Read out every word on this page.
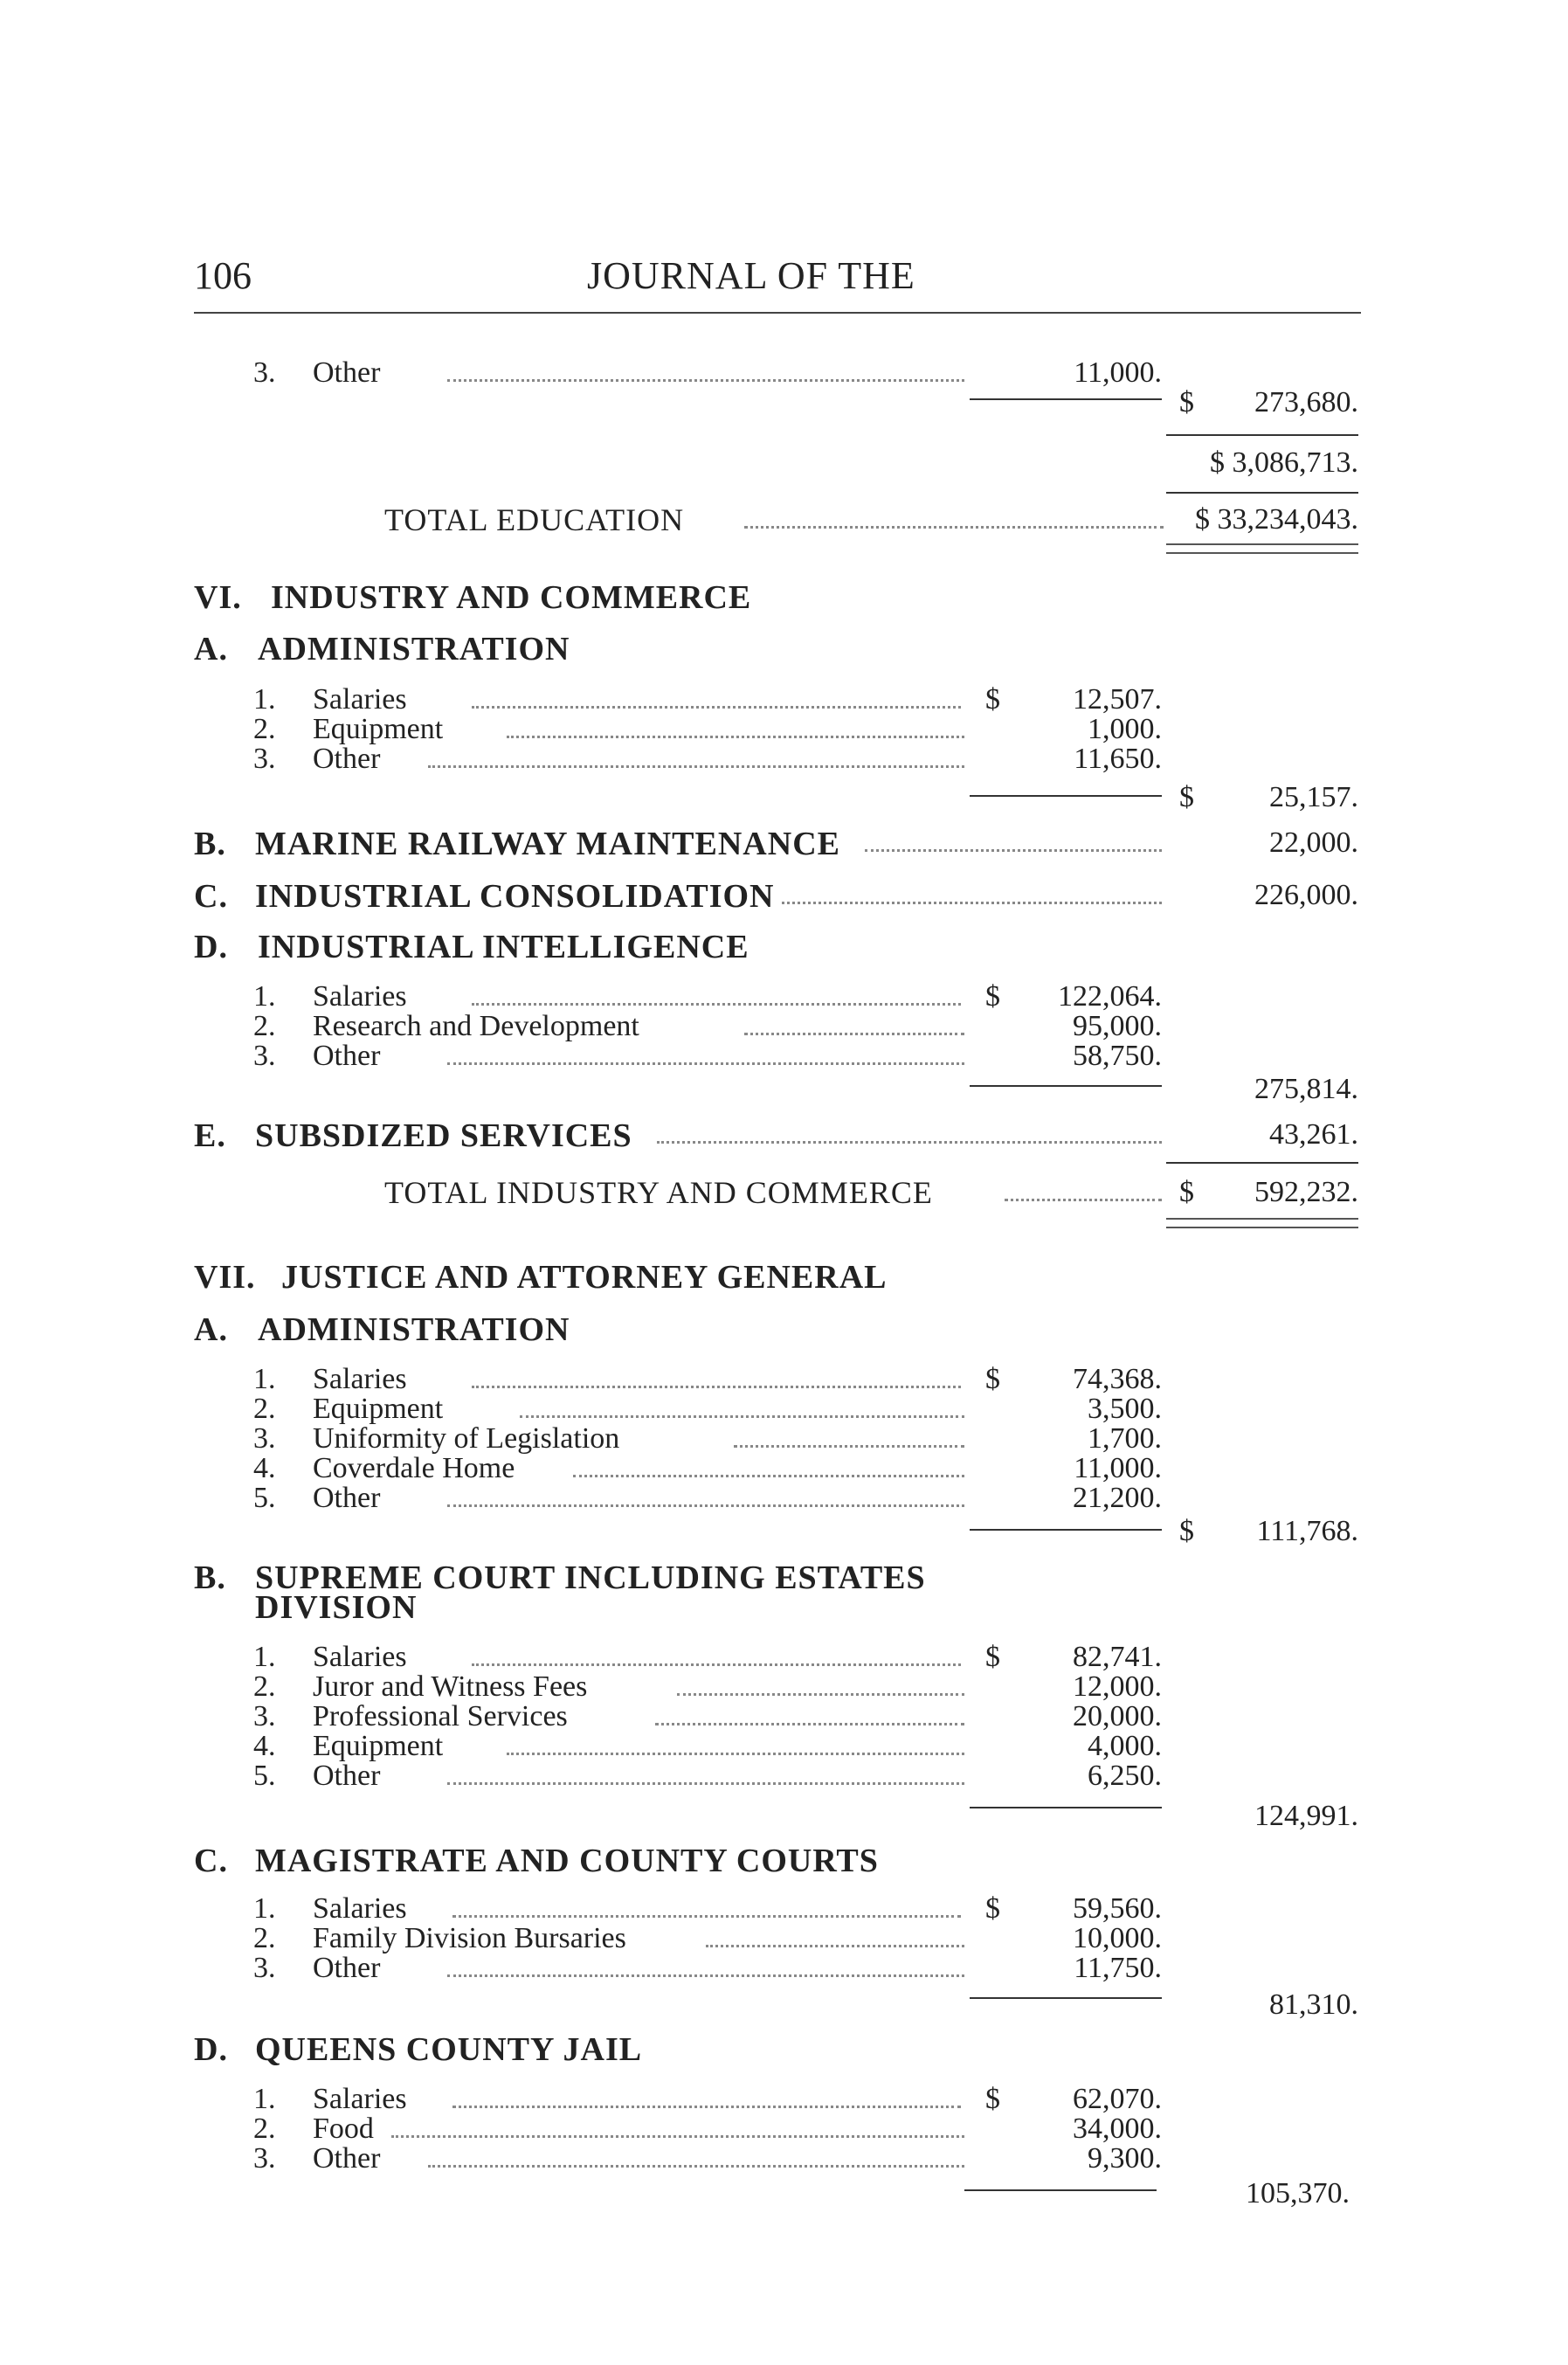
106	JOURNAL OF THE
3. Other	11,000.
$ 273,680.
$ 3,086,713.
TOTAL EDUCATION	$ 33,234,043.
VI. INDUSTRY AND COMMERCE
A. ADMINISTRATION
1. Salaries	$ 12,507.
2. Equipment	1,000.
3. Other	11,650.
$	25,157.
B. MARINE RAILWAY MAINTENANCE	22,000.
C. INDUSTRIAL CONSOLIDATION	226,000.
D. INDUSTRIAL INTELLIGENCE
1. Salaries	$ 122,064.
2. Research and Development	95,000.
3. Other	58,750.
275,814.
E. SUBSDIZED SERVICES	43,261.
TOTAL INDUSTRY AND COMMERCE	$ 592,232.
VII. JUSTICE AND ATTORNEY GENERAL
A. ADMINISTRATION
1. Salaries	$ 74,368.
2. Equipment	3,500.
3. Uniformity of Legislation	1,700.
4. Coverdale Home	11,000.
5. Other	21,200.
$ 111,768.
B. SUPREME COURT INCLUDING ESTATES
DIVISION
1. Salaries	$ 82,741.
2. Juror and Witness Fees	12,000.
3. Professional Services	20,000.
4. Equipment	4,000.
5. Other	6,250.
124,991.
C. MAGISTRATE AND COUNTY COURTS
1. Salaries	$ 59,560.
2. Family Division Bursaries	10,000.
3. Other	11,750.
81,310.
D. QUEENS COUNTY JAIL
1. Salaries	$ 62,070.
2. Food	34,000.
3. Other	9,300.
105,370.
